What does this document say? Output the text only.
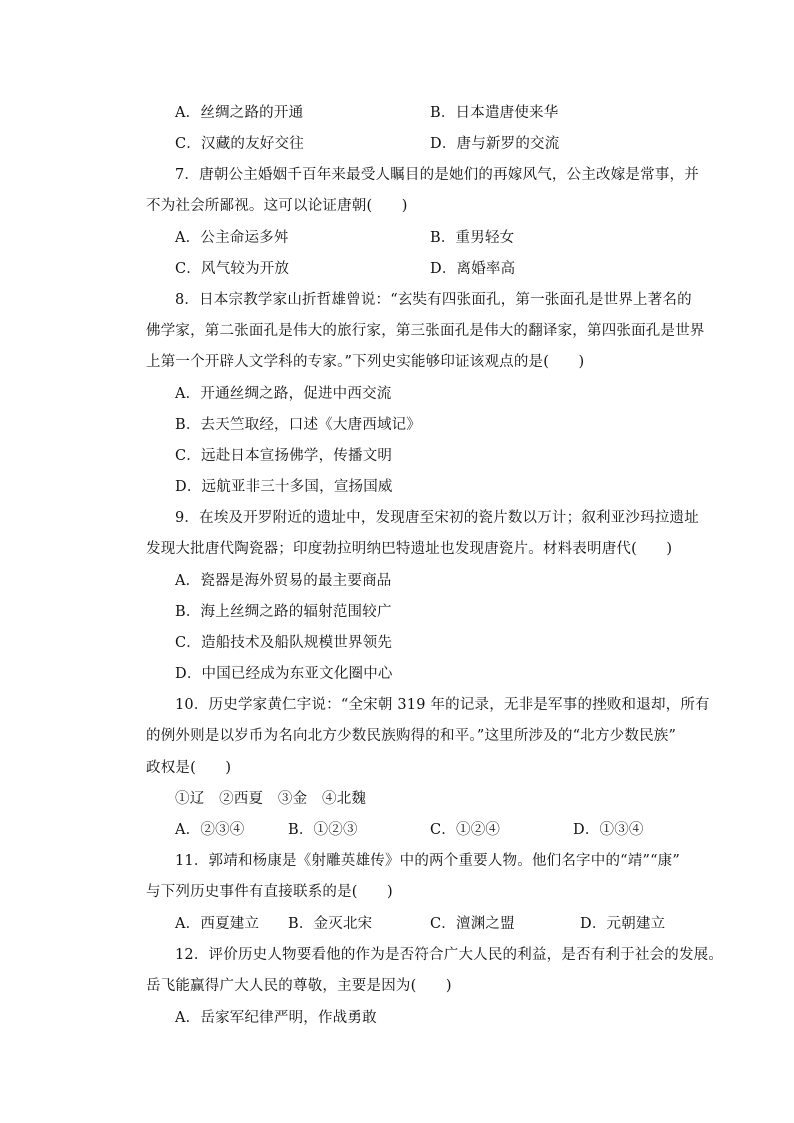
A．丝绸之路的开通	B．日本遣唐使来华
C．汉藏的友好交往	D．唐与新罗的交流
7．唐朝公主婚姻千百年来最受人瞩目的是她们的再嫁风气，公主改嫁是常事，并
不为社会所鄙视。这可以论证唐朝(　　)
A．公主命运多舛	B．重男轻女
C．风气较为开放	D．离婚率高
8．日本宗教学家山折哲雄曾说：“玄奘有四张面孔，第一张面孔是世界上著名的
佛学家，第二张面孔是伟大的旅行家，第三张面孔是伟大的翻译家，第四张面孔是世界
上第一个开辟人文学科的专家。”下列史实能够印证该观点的是(　　)
A．开通丝绸之路，促进中西交流
B．去天竺取经，口述《大唐西域记》
C．远赴日本宣扬佛学，传播文明
D．远航亚非三十多国，宣扬国威
9．在埃及开罗附近的遗址中，发现唐至宋初的瓷片数以万计；叙利亚沙玛拉遗址
发现大批唐代陶瓷器；印度勃拉明纳巴特遗址也发现唐瓷片。材料表明唐代(　　)
A．瓷器是海外贸易的最主要商品
B．海上丝绸之路的辐射范围较广
C．造船技术及船队规模世界领先
D．中国已经成为东亚文化圈中心
10．历史学家黄仁宇说：“全宋朝 319 年的记录，无非是军事的挫败和退却，所有
的例外则是以岁币为名向北方少数民族购得的和平。”这里所涉及的“北方少数民族”
政权是(　　)
①辽　②西夏　③金　④北魏
A．②③④	B．①②③	C．①②④	D．①③④
11．郭靖和杨康是《射雕英雄传》中的两个重要人物。他们名字中的“靖”“康”
与下列历史事件有直接联系的是(　　)
A．西夏建立 B．金灭北宋	C．澶渊之盟	D．元朝建立
12．评价历史人物要看他的作为是否符合广大人民的利益，是否有利于社会的发展。
岳飞能赢得广大人民的尊敬，主要是因为(　　)
A．岳家军纪律严明，作战勇敢
